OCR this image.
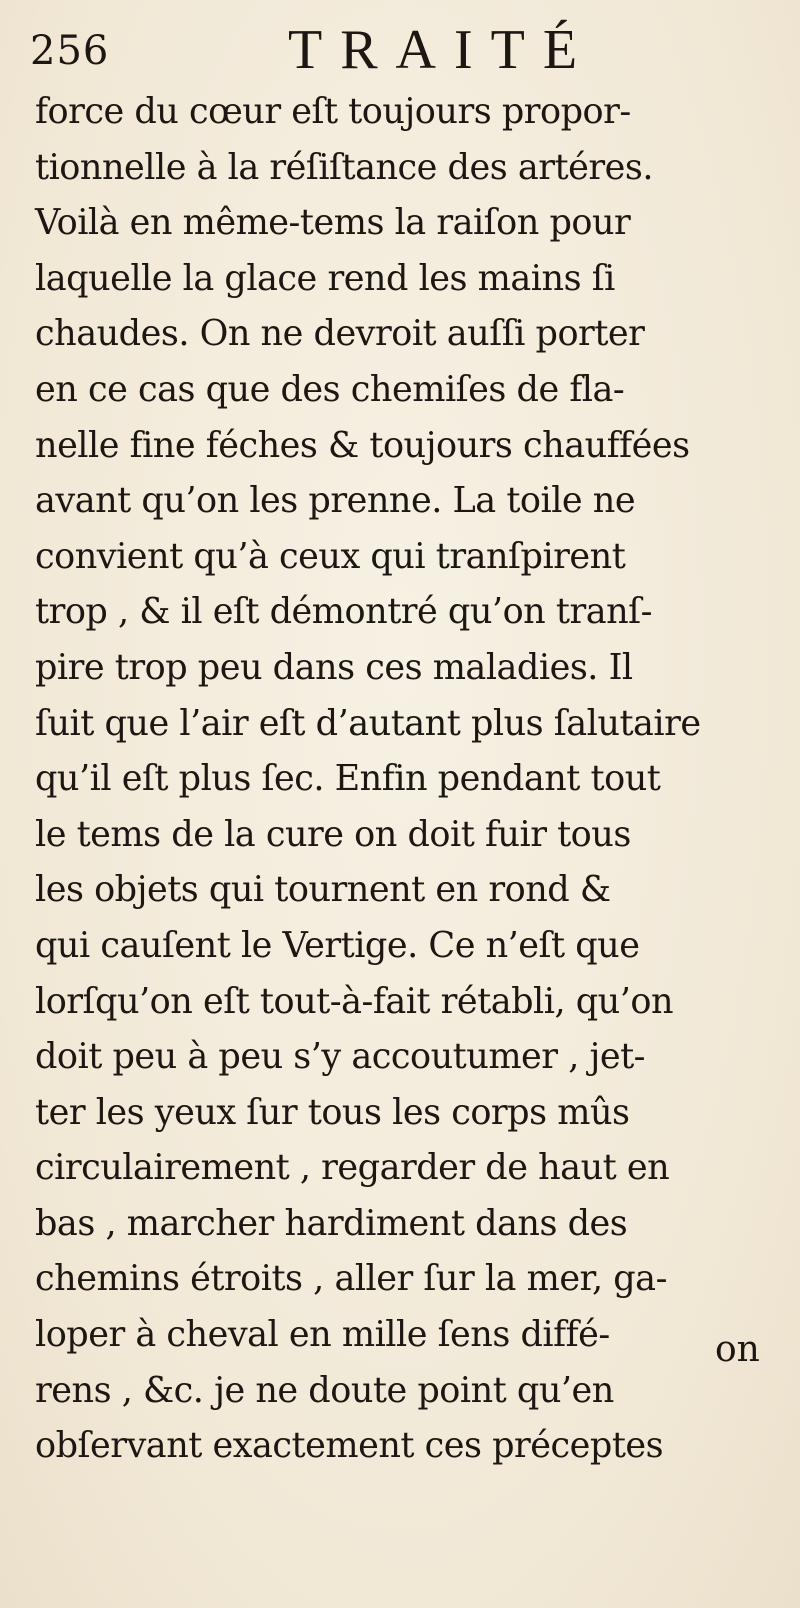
256	TRAITÉ
force du cœur eſt toujours propor-
tionnelle à la réſiſtance des artéres.
Voilà en même-tems la raiſon pour
laquelle la glace rend les mains ſi
chaudes. On ne devroit auſſi porter
en ce cas que des chemiſes de fla-
nelle fine féches & toujours chauffées
avant qu’on les prenne. La toile ne
convient qu’à ceux qui tranſpirent
trop , & il eſt démontré qu’on tranſ-
pire trop peu dans ces maladies. Il
ſuit que l’air eſt d’autant plus ſalutaire
qu’il eſt plus ſec. Enfin pendant tout
le tems de la cure on doit fuir tous
les objets qui tournent en rond &
qui cauſent le Vertige. Ce n’eſt que
lorſqu’on eſt tout-à-fait rétabli, qu’on
doit peu à peu s’y accoutumer , jet-
ter les yeux ſur tous les corps mûs
circulairement , regarder de haut en
bas , marcher hardiment dans des
chemins étroits , aller ſur la mer, ga-
loper à cheval en mille ſens diffé-
rens , &c. je ne doute point qu’en
obſervant exactement ces préceptes
on
